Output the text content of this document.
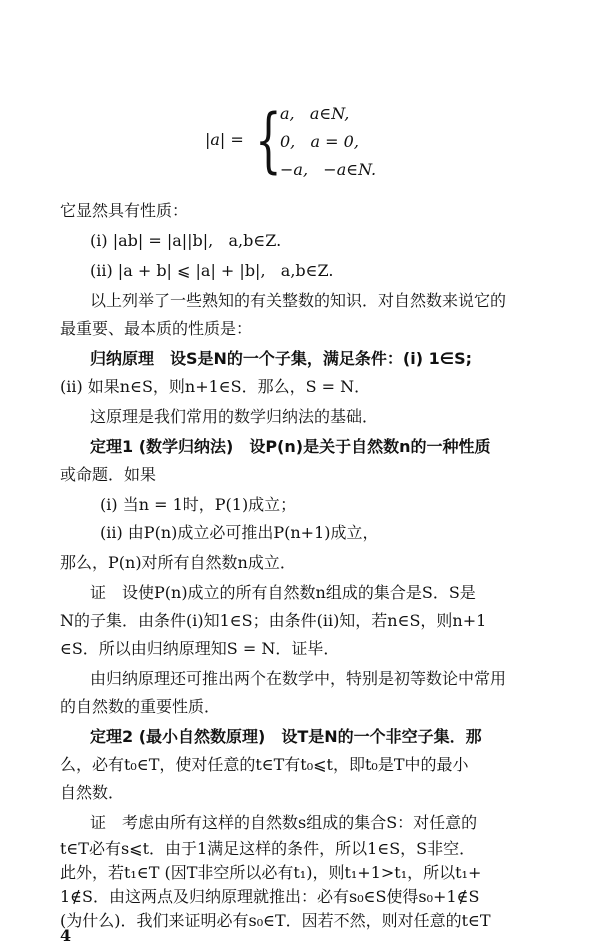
|a| = {
a,   a∈N,
0,   a = 0,
−a,   −a∈N.
它显然具有性质：
(i) |ab| = |a||b|,   a,b∈Z.
(ii) |a + b| ⩽ |a| + |b|,   a,b∈Z.
以上列举了一些熟知的有关整数的知识．对自然数来说它的
最重要、最本质的性质是：
归纳原理　设S是N的一个子集，满足条件：(i) 1∈S;
(ii) 如果n∈S，则n+1∈S．那么，S = N．
这原理是我们常用的数学归纳法的基础．
定理1 (数学归纳法)　设P(n)是关于自然数n的一种性质
或命题．如果
(i) 当n = 1时，P(1)成立；
(ii) 由P(n)成立必可推出P(n+1)成立，
那么，P(n)对所有自然数n成立．
证　设使P(n)成立的所有自然数n组成的集合是S．S是
N的子集．由条件(i)知1∈S；由条件(ii)知，若n∈S，则n+1
∈S．所以由归纳原理知S = N．证毕．
由归纳原理还可推出两个在数学中，特别是初等数论中常用
的自然数的重要性质．
定理2 (最小自然数原理)　设T是N的一个非空子集．那
么，必有t₀∈T，使对任意的t∈T有t₀⩽t，即t₀是T中的最小
自然数．
证　考虑由所有这样的自然数s组成的集合S：对任意的
t∈T必有s⩽t．由于1满足这样的条件，所以1∈S，S非空．
此外，若t₁∈T (因T非空所以必有t₁)，则t₁+1>t₁，所以t₁+
1∉S．由这两点及归纳原理就推出：必有s₀∈S使得s₀+1∉S
(为什么)．我们来证明必有s₀∈T．因若不然，则对任意的t∈T
4
